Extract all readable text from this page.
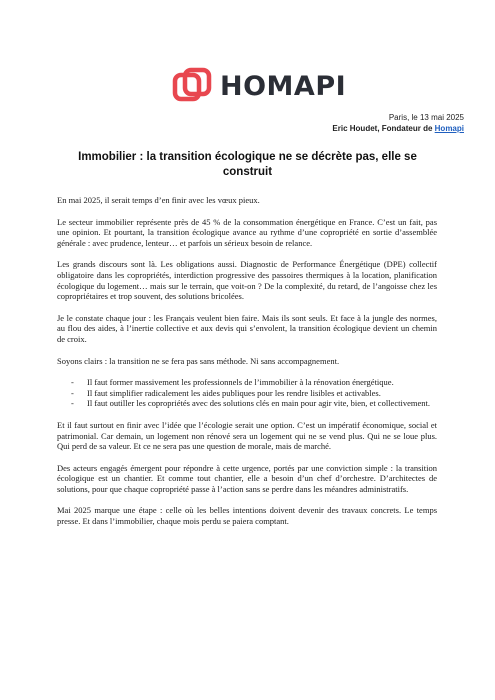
HOMAPI
Paris, le 13 mai 2025
Eric Houdet, Fondateur de Homapi
Immobilier : la transition écologique ne se décrète pas, elle se construit

En mai 2025, il serait temps d’en finir avec les vœux pieux.

Le secteur immobilier représente près de 45 % de la consommation énergétique en France. C’est un fait, pas une opinion. Et pourtant, la transition écologique avance au rythme d’une copropriété en sortie d’assemblée générale : avec prudence, lenteur… et parfois un sérieux besoin de relance.

Les grands discours sont là. Les obligations aussi. Diagnostic de Performance Énergétique (DPE) collectif obligatoire dans les copropriétés, interdiction progressive des passoires thermiques à la location, planification écologique du logement… mais sur le terrain, que voit-on ? De la complexité, du retard, de l’angoisse chez les copropriétaires et trop souvent, des solutions bricolées.

Je le constate chaque jour : les Français veulent bien faire. Mais ils sont seuls. Et face à la jungle des normes, au flou des aides, à l’inertie collective et aux devis qui s’envolent, la transition écologique devient un chemin de croix.

Soyons clairs : la transition ne se fera pas sans méthode. Ni sans accompagnement.

- Il faut former massivement les professionnels de l’immobilier à la rénovation énergétique.
- Il faut simplifier radicalement les aides publiques pour les rendre lisibles et activables.
- Il faut outiller les copropriétés avec des solutions clés en main pour agir vite, bien, et collectivement.

Et il faut surtout en finir avec l’idée que l’écologie serait une option. C’est un impératif économique, social et patrimonial. Car demain, un logement non rénové sera un logement qui ne se vend plus. Qui ne se loue plus. Qui perd de sa valeur. Et ce ne sera pas une question de morale, mais de marché.

Des acteurs engagés émergent pour répondre à cette urgence, portés par une conviction simple : la transition écologique est un chantier. Et comme tout chantier, elle a besoin d’un chef d’orchestre. D’architectes de solutions, pour que chaque copropriété passe à l’action sans se perdre dans les méandres administratifs.

Mai 2025 marque une étape : celle où les belles intentions doivent devenir des travaux concrets. Le temps presse. Et dans l’immobilier, chaque mois perdu se paiera comptant.
